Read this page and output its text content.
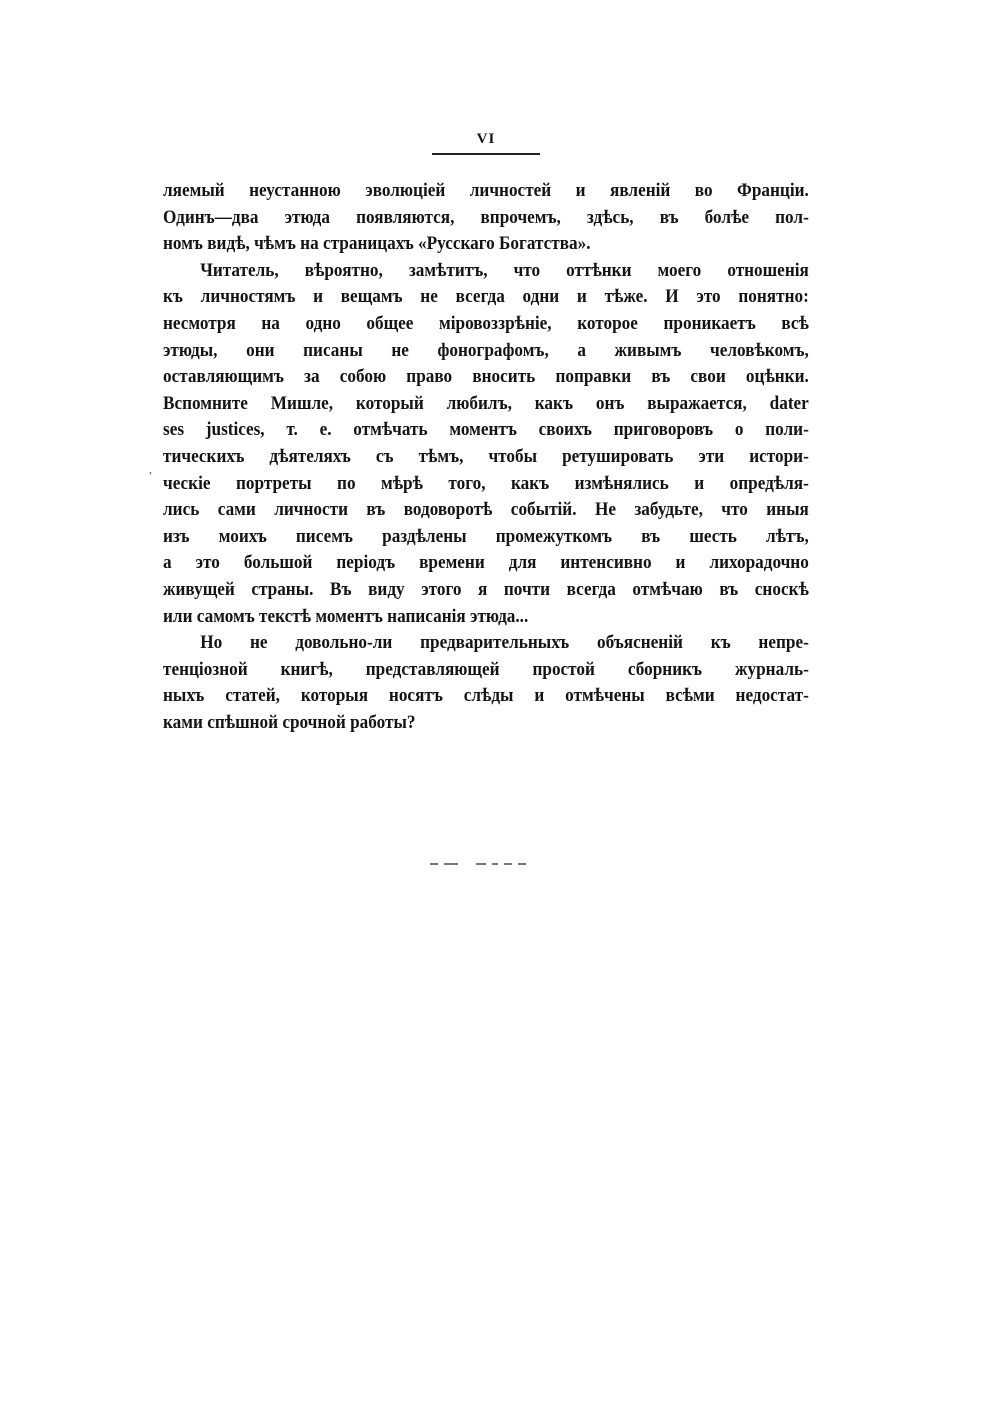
VI
,
ляемый неустанною эволюціей личностей и явленій во Франціи.
Одинъ—два этюда появляются, впрочемъ, здѣсь, въ болѣе пол-
номъ видѣ, чѣмъ на страницахъ «Русскаго Богатства».
Читатель, вѣроятно, замѣтитъ, что оттѣнки моего отношенія
къ личностямъ и вещамъ не всегда одни и тѣже. И это понятно:
несмотря на одно общее міровоззрѣніе, которое проникаетъ всѣ
этюды, они писаны не фонографомъ, а живымъ человѣкомъ,
оставляющимъ за собою право вносить поправки въ свои оцѣнки.
Вспомните Мишле, который любилъ, какъ онъ выражается, dater
ses justices, т. е. отмѣчать моментъ своихъ приговоровъ о поли-
тическихъ дѣятеляхъ съ тѣмъ, чтобы ретушировать эти истори-
ческіе портреты по мѣрѣ того, какъ измѣнялись и опредѣля-
лись сами личности въ водоворотѣ событій. Не забудьте, что иныя
изъ моихъ писемъ раздѣлены промежуткомъ въ шесть лѣтъ,
а это большой періодъ времени для интенсивно и лихорадочно
живущей страны. Въ виду этого я почти всегда отмѣчаю въ сноскѣ
или самомъ текстѣ моментъ написанія этюда...
Но не довольно-ли предварительныхъ объясненій къ непре-
тенціозной книгѣ, представляющей простой сборникъ журналь-
ныхъ статей, которыя носятъ слѣды и отмѣчены всѣми недостат-
ками спѣшной срочной работы?
